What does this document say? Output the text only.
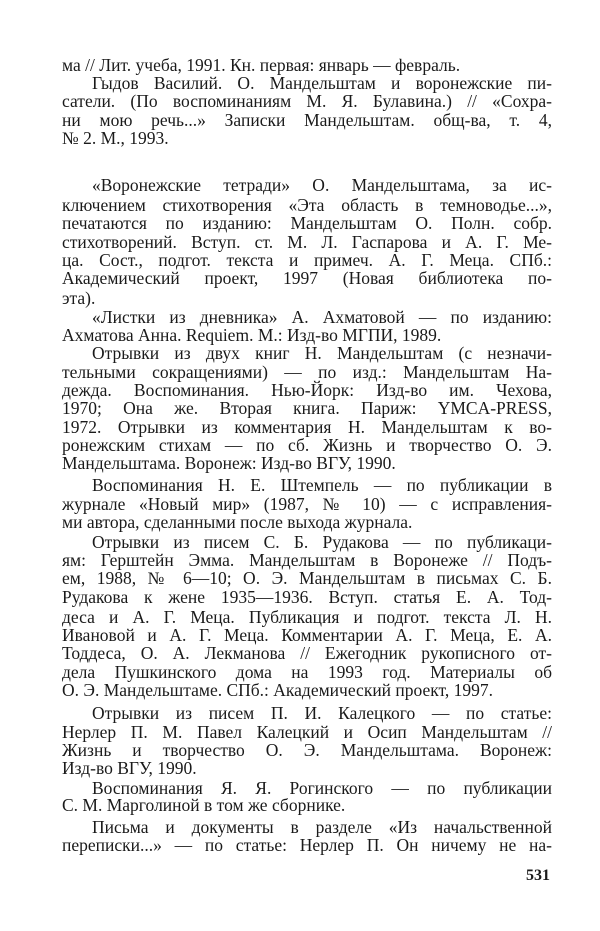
ма // Лит. учеба, 1991. Кн. первая: январь — февраль.
Гыдов Василий. О. Мандельштам и воронежские пи-
сатели. (По воспоминаниям М. Я. Булавина.) // «Сохра-
ни мою речь...» Записки Мандельштам. общ-ва, т. 4,
№ 2. М., 1993.
«Воронежские тетради» О. Мандельштама, за ис-
ключением стихотворения «Эта область в темноводье...»,
печатаются по изданию: Мандельштам О. Полн. собр.
стихотворений. Вступ. ст. М. Л. Гаспарова и А. Г. Ме-
ца. Сост., подгот. текста и примеч. А. Г. Меца. СПб.:
Академический проект, 1997 (Новая библиотека по-
эта).
«Листки из дневника» А. Ахматовой — по изданию:
Ахматова Анна. Requiem. М.: Изд-во МГПИ, 1989.
Отрывки из двух книг Н. Мандельштам (с незначи-
тельными сокращениями) — по изд.: Мандельштам На-
дежда. Воспоминания. Нью-Йорк: Изд-во им. Чехова,
1970; Она же. Вторая книга. Париж: YMCA-PRESS,
1972. Отрывки из комментария Н. Мандельштам к во-
ронежским стихам — по сб. Жизнь и творчество О. Э.
Мандельштама. Воронеж: Изд-во ВГУ, 1990.
Воспоминания Н. Е. Штемпель — по публикации в
журнале «Новый мир» (1987, № 10) — с исправления-
ми автора, сделанными после выхода журнала.
Отрывки из писем С. Б. Рудакова — по публикаци-
ям: Герштейн Эмма. Мандельштам в Воронеже // Подъ-
ем, 1988, № 6—10; О. Э. Мандельштам в письмах С. Б.
Рудакова к жене 1935—1936. Вступ. статья Е. А. Тод-
деса и А. Г. Меца. Публикация и подгот. текста Л. Н.
Ивановой и А. Г. Меца. Комментарии А. Г. Меца, Е. А.
Тоддеса, О. А. Лекманова // Ежегодник рукописного от-
дела Пушкинского дома на 1993 год. Материалы об
О. Э. Мандельштаме. СПб.: Академический проект, 1997.
Отрывки из писем П. И. Калецкого — по статье:
Нерлер П. М. Павел Калецкий и Осип Мандельштам //
Жизнь и творчество О. Э. Мандельштама. Воронеж:
Изд-во ВГУ, 1990.
Воспоминания Я. Я. Рогинского — по публикации
С. М. Марголиной в том же сборнике.
Письма и документы в разделе «Из начальственной
переписки...» — по статье: Нерлер П. Он ничему не на-
531
